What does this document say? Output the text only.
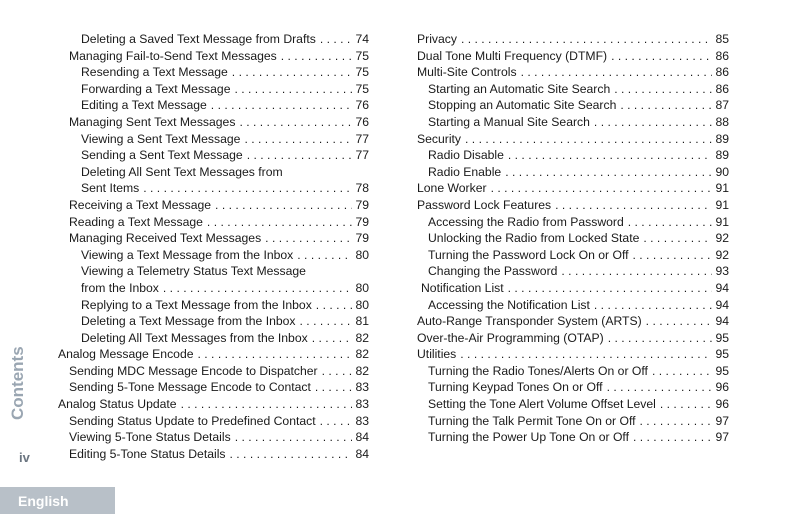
Deleting a Saved Text Message from Drafts . . .	74
Managing Fail-to-Send Text Messages . . .	75
Resending a Text Message . . .	75
Forwarding a Text Message . . .	75
Editing a Text Message . . .	76
Managing Sent Text Messages . . .	76
Viewing a Sent Text Message . . .	77
Sending a Sent Text Message . . .	77
Deleting All Sent Text Messages from
Sent Items . . .	78
Receiving a Text Message . . .	79
Reading a Text Message . . .	79
Managing Received Text Messages . . .	79
Viewing a Text Message from the Inbox . . .	80
Viewing a Telemetry Status Text Message
from the Inbox . . .	80
Replying to a Text Message from the Inbox . . .	80
Deleting a Text Message from the Inbox . . .	81
Deleting All Text Messages from the Inbox . . .	82
Analog Message Encode . . .	82
Sending MDC Message Encode to Dispatcher . . .	82
Sending 5-Tone Message Encode to Contact . . .	83
Analog Status Update . . .	83
Sending Status Update to Predefined Contact . . .	83
Viewing 5-Tone Status Details . . .	84
Editing 5-Tone Status Details . . .	84
Privacy . . .	85
Dual Tone Multi Frequency (DTMF) . . .	86
Multi-Site Controls . . .	86
Starting an Automatic Site Search . . .	86
Stopping an Automatic Site Search . . .	87
Starting a Manual Site Search . . .	88
Security . . .	89
Radio Disable . . .	89
Radio Enable . . .	90
Lone Worker . . .	91
Password Lock Features . . .	91
Accessing the Radio from Password . . .	91
Unlocking the Radio from Locked State . . .	92
Turning the Password Lock On or Off . . .	92
Changing the Password . . .	93
Notification List . . .	94
Accessing the Notification List . . .	94
Auto-Range Transponder System (ARTS) . . .	94
Over-the-Air Programming (OTAP) . . .	95
Utilities . . .	95
Turning the Radio Tones/Alerts On or Off . . .	95
Turning Keypad Tones On or Off . . .	96
Setting the Tone Alert Volume Offset Level . . .	96
Turning the Talk Permit Tone On or Off . . .	97
Turning the Power Up Tone On or Off . . .	97
Contents
iv
English
